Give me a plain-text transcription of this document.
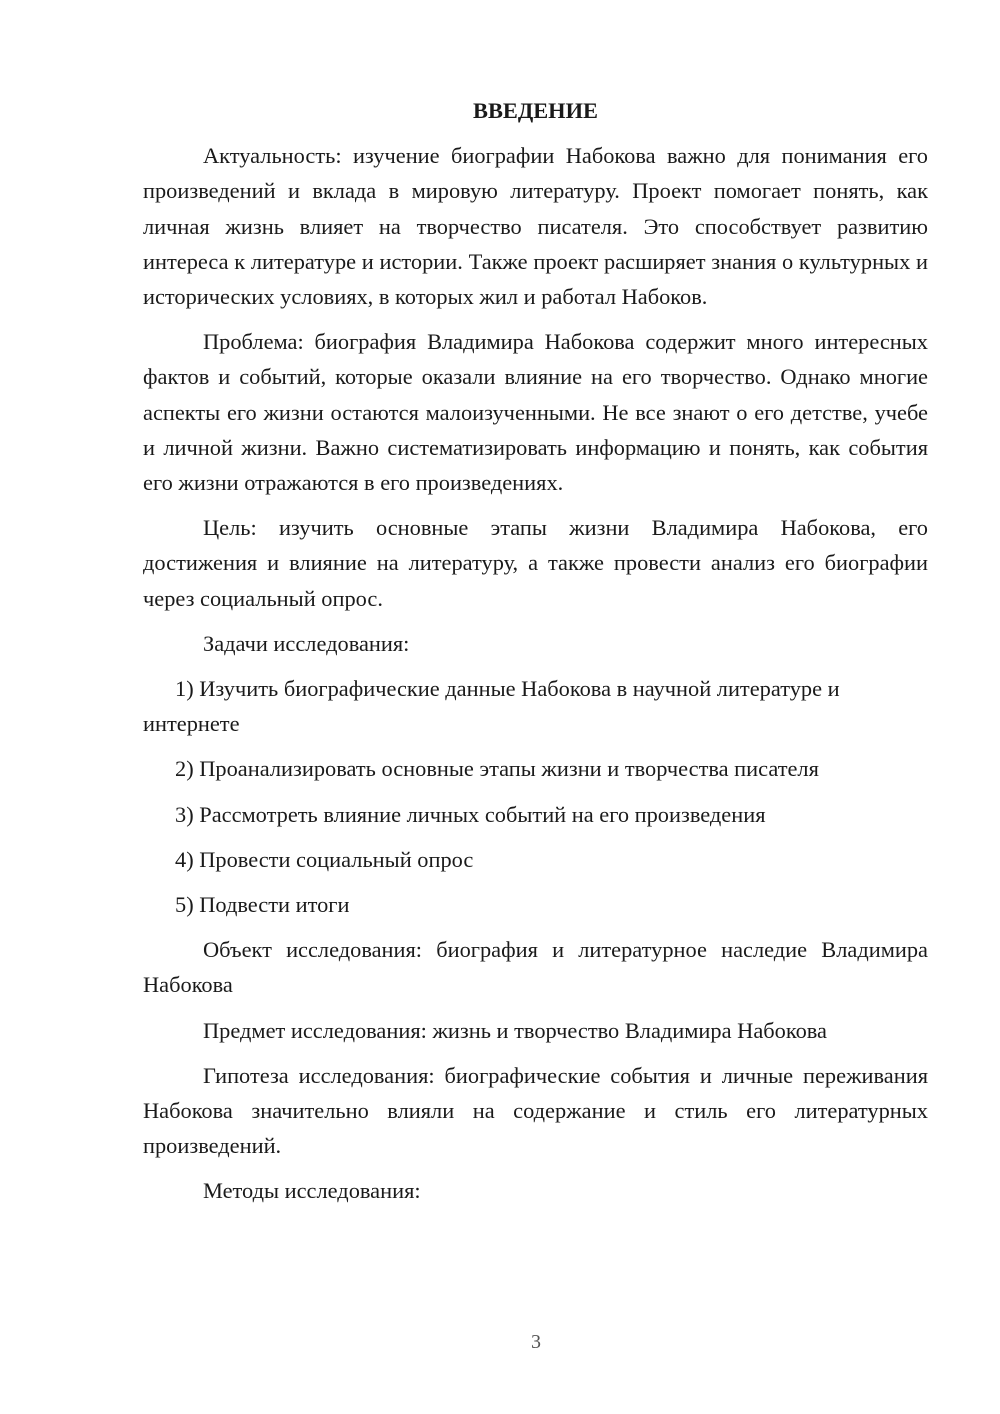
ВВЕДЕНИЕ

Актуальность: изучение биографии Набокова важно для понимания его произведений и вклада в мировую литературу. Проект помогает понять, как личная жизнь влияет на творчество писателя. Это способствует развитию интереса к литературе и истории. Также проект расширяет знания о культурных и исторических условиях, в которых жил и работал Набоков.

Проблема: биография Владимира Набокова содержит много интересных фактов и событий, которые оказали влияние на его творчество. Однако многие аспекты его жизни остаются малоизученными. Не все знают о его детстве, учебе и личной жизни. Важно систематизировать информацию и понять, как события его жизни отражаются в его произведениях.

Цель: изучить основные этапы жизни Владимира Набокова, его достижения и влияние на литературу, а также провести анализ его биографии через социальный опрос.

Задачи исследования:

1) Изучить биографические данные Набокова в научной литературе и интернете

2) Проанализировать основные этапы жизни и творчества писателя

3) Рассмотреть влияние личных событий на его произведения

4) Провести социальный опрос

5) Подвести итоги

Объект исследования: биография и литературное наследие Владимира Набокова

Предмет исследования: жизнь и творчество Владимира Набокова

Гипотеза исследования: биографические события и личные переживания Набокова значительно влияли на содержание и стиль его литературных произведений.

Методы исследования:

3
